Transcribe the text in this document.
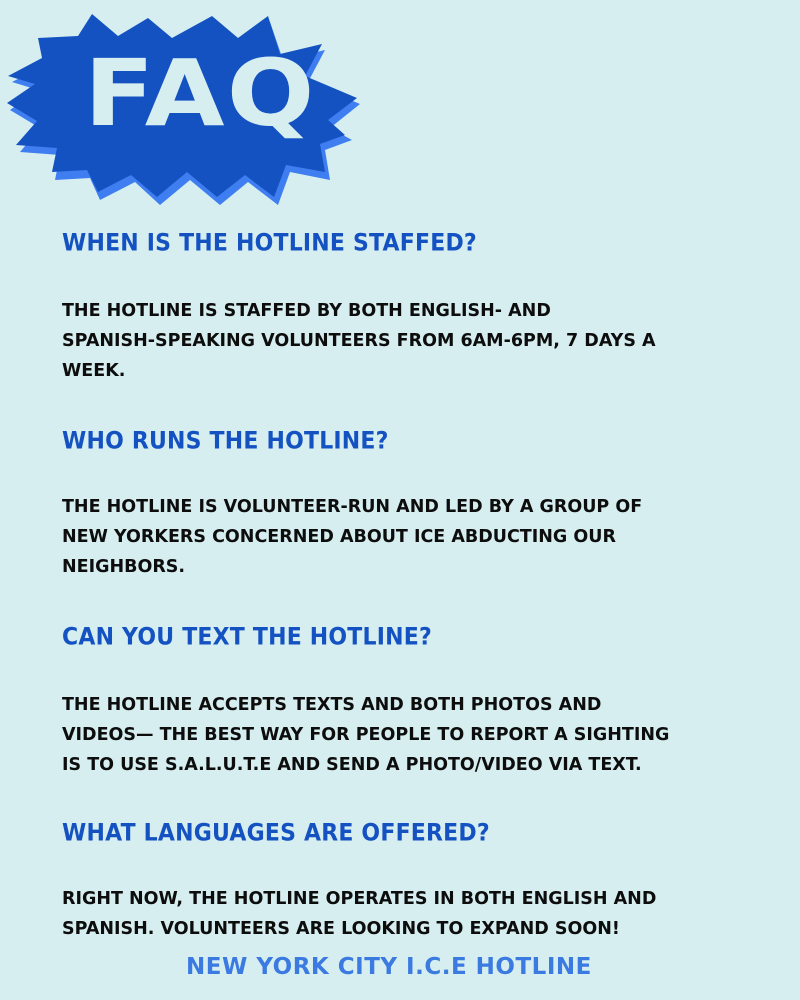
FAQ
WHEN IS THE HOTLINE STAFFED?

THE HOTLINE IS STAFFED BY BOTH ENGLISH- AND
SPANISH-SPEAKING VOLUNTEERS FROM 6AM-6PM, 7 DAYS A
WEEK.

WHO RUNS THE HOTLINE?

THE HOTLINE IS VOLUNTEER-RUN AND LED BY A GROUP OF
NEW YORKERS CONCERNED ABOUT ICE ABDUCTING OUR
NEIGHBORS.

CAN YOU TEXT THE HOTLINE?

THE HOTLINE ACCEPTS TEXTS AND BOTH PHOTOS AND
VIDEOS— THE BEST WAY FOR PEOPLE TO REPORT A SIGHTING
IS TO USE S.A.L.U.T.E AND SEND A PHOTO/VIDEO VIA TEXT.

WHAT LANGUAGES ARE OFFERED?

RIGHT NOW, THE HOTLINE OPERATES IN BOTH ENGLISH AND
SPANISH. VOLUNTEERS ARE LOOKING TO EXPAND SOON!

NEW YORK CITY I.C.E HOTLINE
